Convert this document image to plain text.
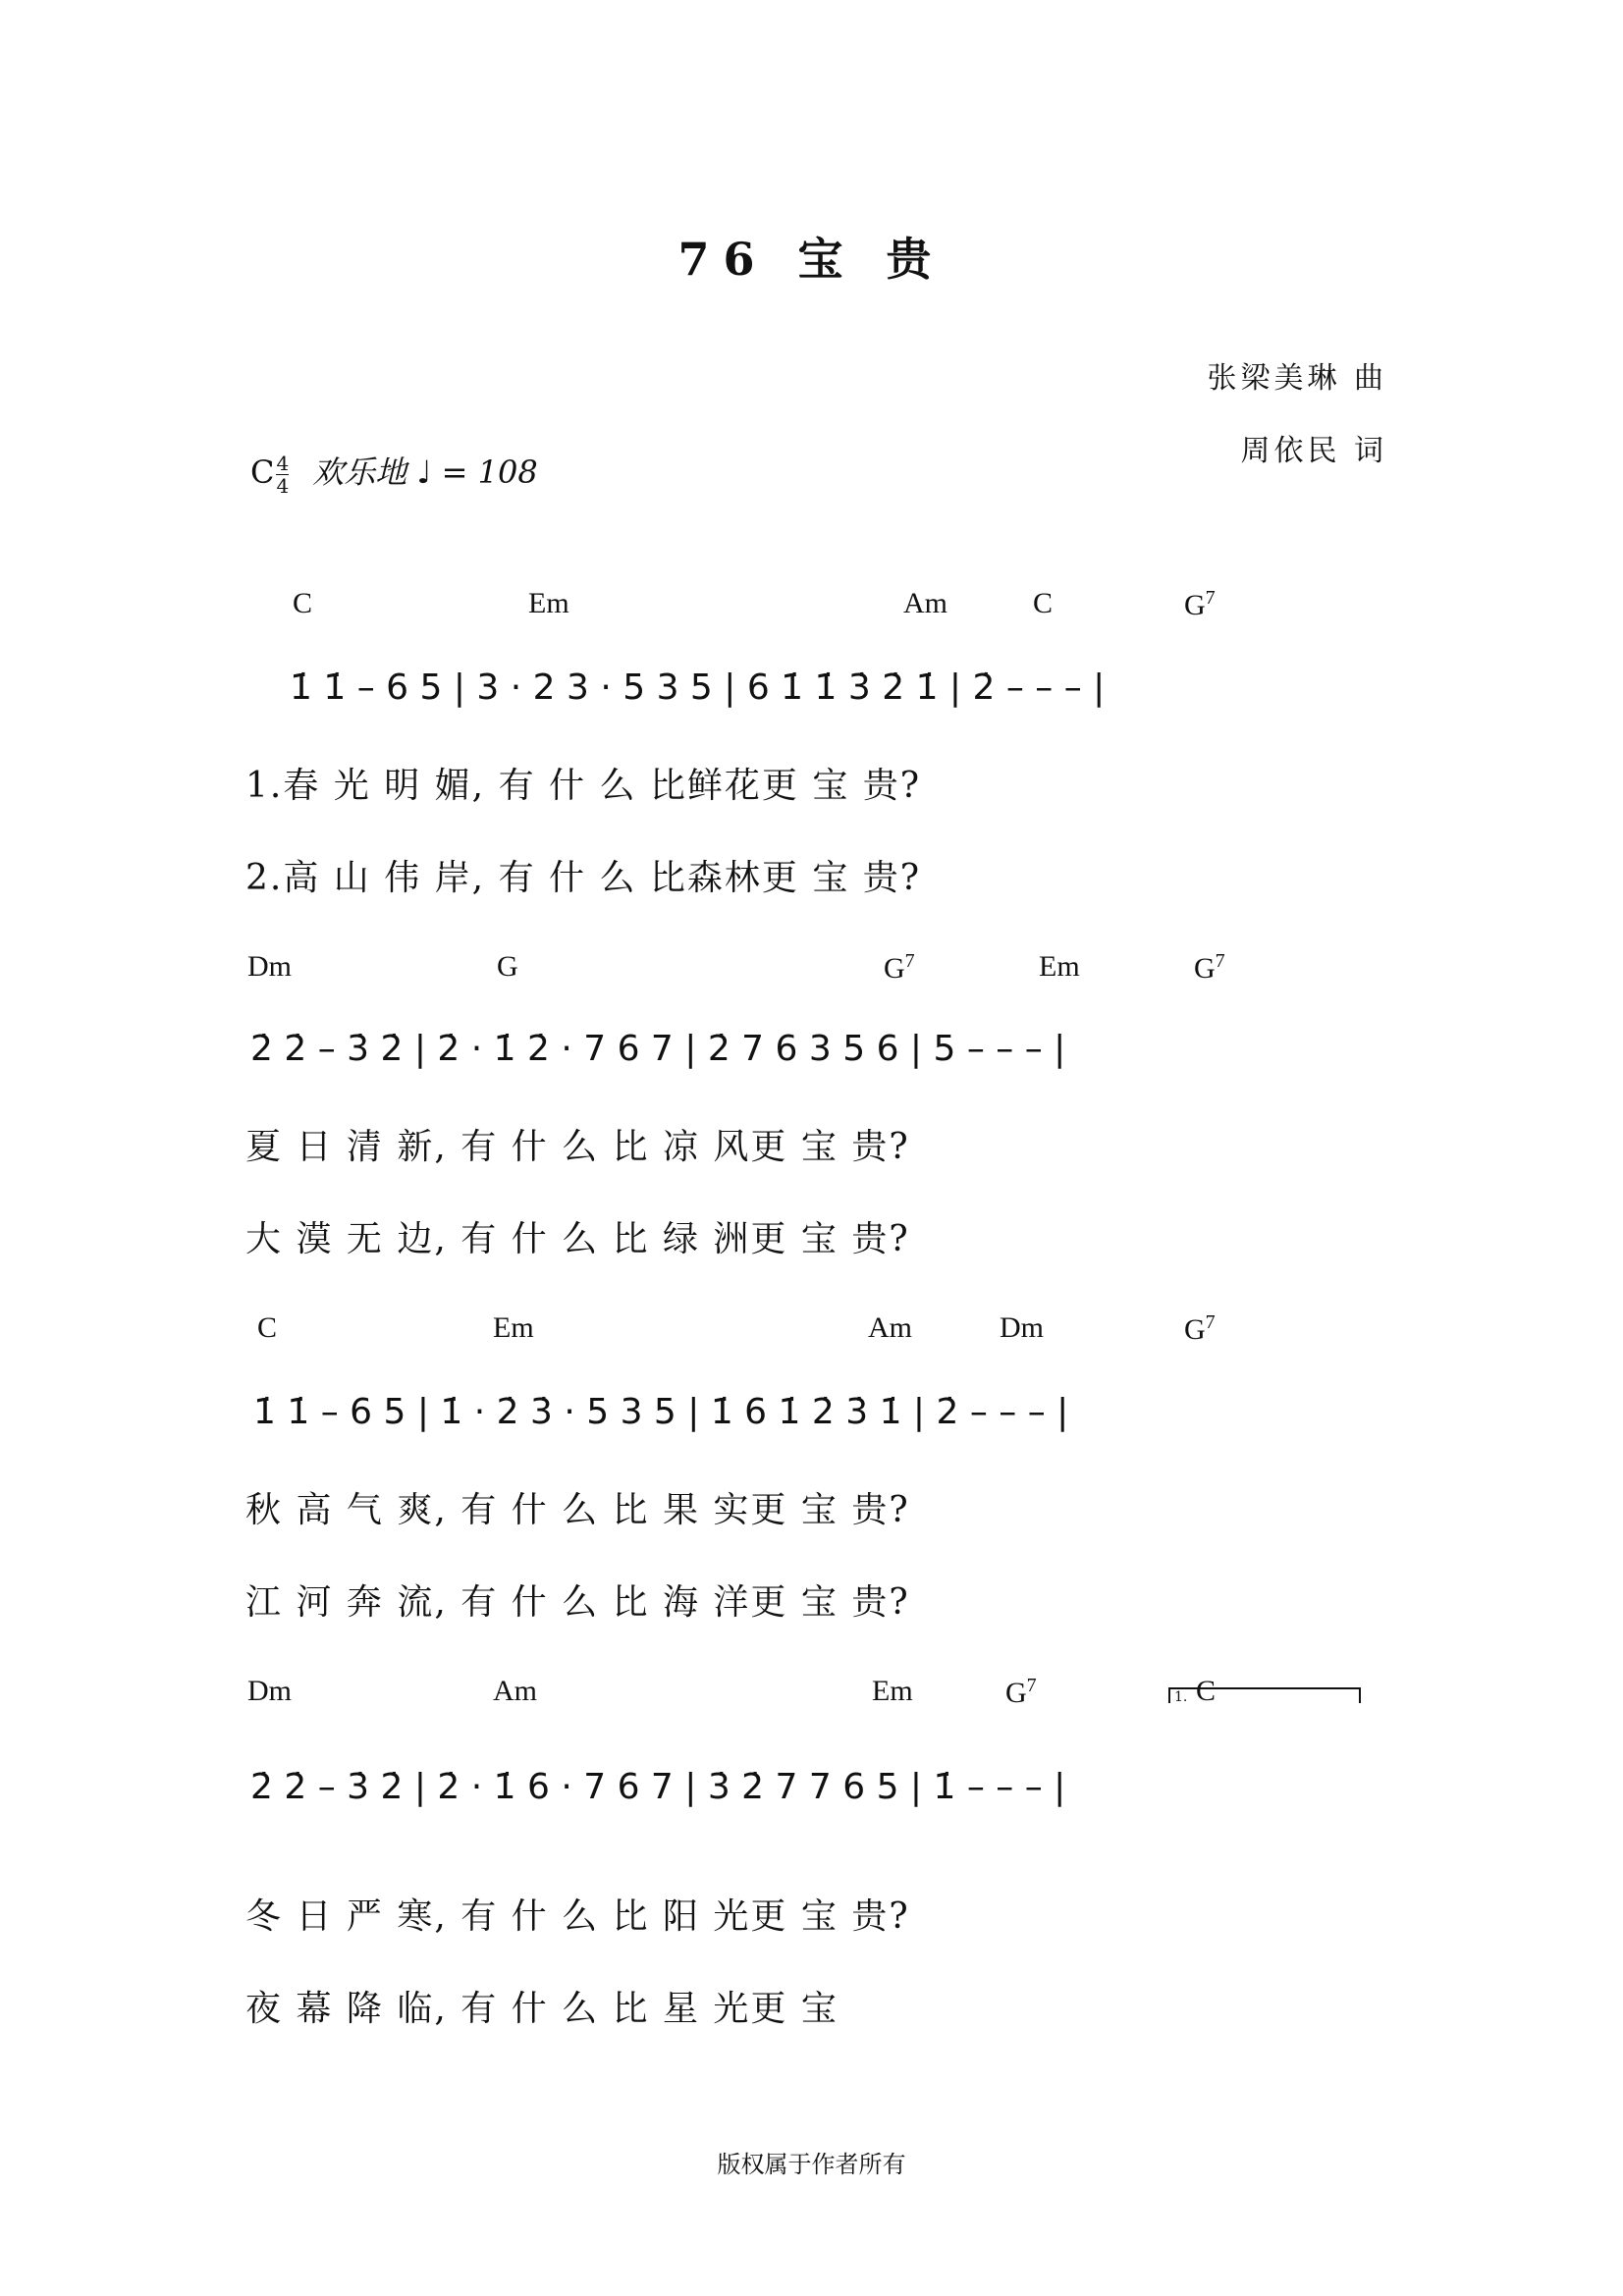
76 宝 贵
张梁美琳 曲
周依民 词
C $\frac{4}{4}$ 欢乐地 ♩ = 108
C	Em	Am	C	$G^7$
1̇ 1̇ – 6 5 | 3 · 2 3 · 5 3 5 | 6 1̇ 1̇ 3̇ 2̇ 1̇ | 2̇ – – – |
1.春 光 明 媚, 有 什 么 比鲜花更 宝 贵?
2.高 山 伟 岸, 有 什 么 比森林更 宝 贵?
Dm	G	$G^7$	Em	$G^7$
2̇ 2̇ – 3̇ 2̇ | 2̇ · 1̇ 2̇ · 7 6 7 | 2̇ 7 6 3 5 6 | 5 – – – |
夏 日 清 新, 有 什 么 比 凉 风更 宝 贵?
大 漠 无 边, 有 什 么 比 绿 洲更 宝 贵?
C	Em	Am	Dm	$G^7$
1̇ 1̇ – 6 5 | 1̇ · 2̇ 3̇ · 5 3 5 | 1̇ 6 1̇ 2̇ 3̇ 1̇ | 2̇ – – – |
秋 高 气 爽, 有 什 么 比 果 实更 宝 贵?
江 河 奔 流, 有 什 么 比 海 洋更 宝 贵?
Dm	Am	Em	$G^7$	C
1.
2̇ 2̇ – 3̇ 2̇ | 2̇ · 1̇ 6 · 7 6 7 | 3̇ 2̇ 7 7 6 5 | 1̇ – – – |
冬 日 严 寒, 有 什 么 比 阳 光更 宝 贵?
夜 幕 降 临, 有 什 么 比 星 光更 宝
版权属于作者所有
